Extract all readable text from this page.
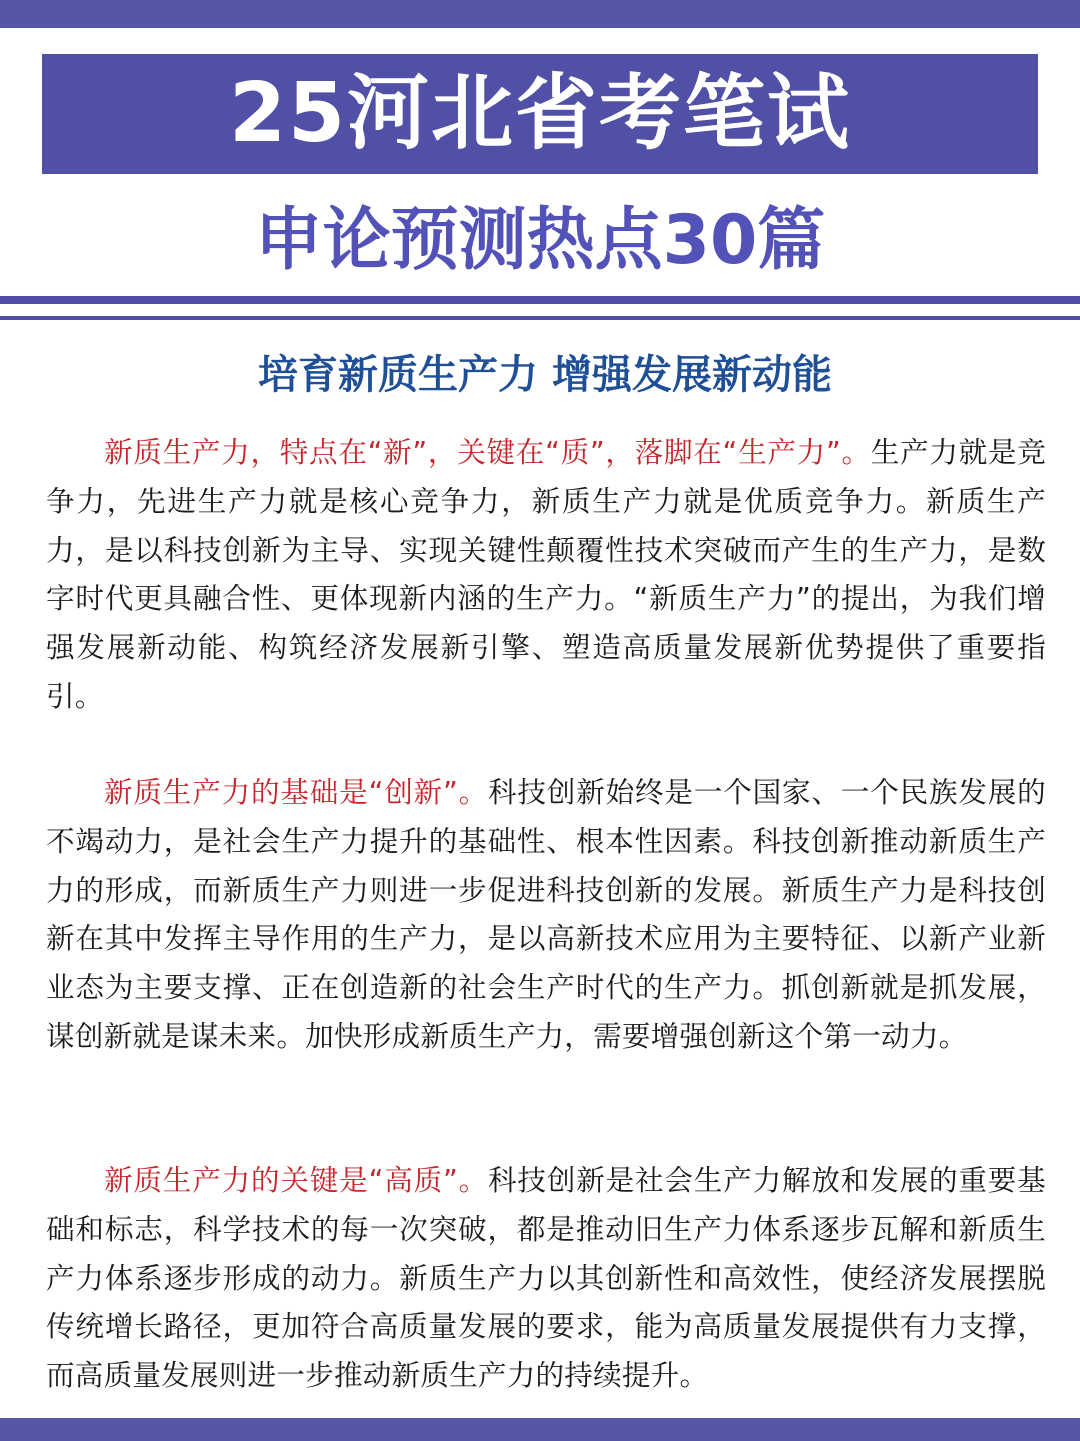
25河北省考笔试
申论预测热点30篇
培育新质生产力 增强发展新动能

新质生产力，特点在“新”，关键在“质”，落脚在“生产力”。生产力就是竞争力，先进生产力就是核心竞争力，新质生产力就是优质竞争力。新质生产力，是以科技创新为主导、实现关键性颠覆性技术突破而产生的生产力，是数字时代更具融合性、更体现新内涵的生产力。“新质生产力”的提出，为我们增强发展新动能、构筑经济发展新引擎、塑造高质量发展新优势提供了重要指引。

新质生产力的基础是“创新”。科技创新始终是一个国家、一个民族发展的不竭动力，是社会生产力提升的基础性、根本性因素。科技创新推动新质生产力的形成，而新质生产力则进一步促进科技创新的发展。新质生产力是科技创新在其中发挥主导作用的生产力，是以高新技术应用为主要特征、以新产业新业态为主要支撑、正在创造新的社会生产时代的生产力。抓创新就是抓发展，谋创新就是谋未来。加快形成新质生产力，需要增强创新这个第一动力。

新质生产力的关键是“高质”。科技创新是社会生产力解放和发展的重要基础和标志，科学技术的每一次突破，都是推动旧生产力体系逐步瓦解和新质生产力体系逐步形成的动力。新质生产力以其创新性和高效性，使经济发展摆脱传统增长路径，更加符合高质量发展的要求，能为高质量发展提供有力支撑，而高质量发展则进一步推动新质生产力的持续提升。
